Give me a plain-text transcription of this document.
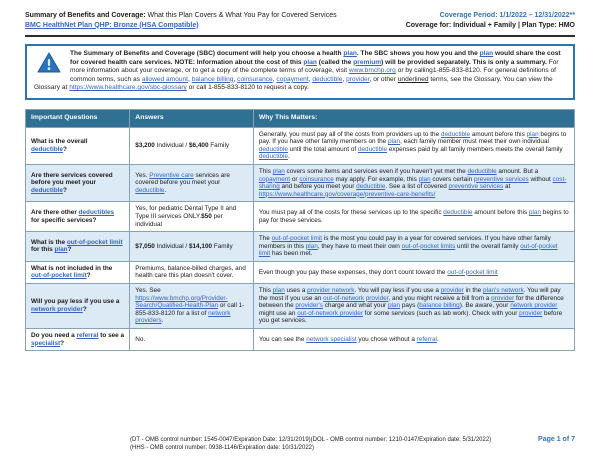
Summary of Benefits and Coverage: What this Plan Covers & What You Pay for Covered Services
BMC HealthNet Plan QHP: Bronze (HSA Compatible)
Coverage Period: 1/1/2022 – 12/31/2022**
Coverage for: Individual + Family | Plan Type: HMO
The Summary of Benefits and Coverage (SBC) document will help you choose a health plan. The SBC shows you how you and the plan would share the cost for covered health care services. NOTE: Information about the cost of this plan (called the premium) will be provided separately. This is only a summary. For more information about your coverage, or to get a copy of the complete terms of coverage, visit www.bmchp.org or by calling1-855-833-8120. For general definitions of common terms, such as allowed amount, balance billing, coinsurance, copayment, deductible, provider, or other underlined terms, see the Glossary. You can view the Glossary at https://www.healthcare.gov/sbc-glossary or call 1-855-833-8120 to request a copy.
Important Questions	Answers	Why This Matters:
What is the overall deductible?	$3,200 Individual / $6,400 Family	Generally, you must pay all of the costs from providers up to the deductible amount before this plan begins to pay. If you have other family members on the plan, each family member must meet their own individual deductible until the total amount of deductible expenses paid by all family members meets the overall family deductible.
Are there services covered before you meet your deductible?	Yes. Preventive care services are covered before you meet your deductible.	This plan covers some items and services even if you haven't yet met the deductible amount. But a copayment or coinsurance may apply. For example, this plan covers certain preventive services without cost-sharing and before you meet your deductible. See a list of covered preventive services at https://www.healthcare.gov/coverage/preventive-care-benefits/
Are there other deductibles for specific services?	Yes, for pediatric Dental Type II and Type III services ONLY.$50 per individual	You must pay all of the costs for these services up to the specific deductible amount before this plan begins to pay for these services.
What is the out-of-pocket limit for this plan?	$7,050 Individual / $14,100 Family	The out-of-pocket limit is the most you could pay in a year for covered services. If you have other family members in this plan, they have to meet their own out-of-pocket limits until the overall family out-of-pocket limit has been met.
What is not included in the out-of-pocket limit?	Premiums, balance-billed charges, and health care this plan doesn't cover.	Even though you pay these expenses, they don't count toward the out-of-pocket limit
Will you pay less if you use a network provider?	Yes. See https://www.bmchp.org/Provider-Search/Qualified-Health-Plan or call 1-855-833-8120 for a list of network providers.	This plan uses a provider network. You will pay less if you use a provider in the plan's network. You will pay the most if you use an out-of-network provider, and you might receive a bill from a provider for the difference between the provider's charge and what your plan pays (balance billing). Be aware, your network provider might use an out-of-network provider for some services (such as lab work). Check with your provider before you get services.
Do you need a referral to see a specialist?	No.	You can see the network specialist you chose without a referral.
(DT - OMB control number: 1545-0047/Expiration Date: 12/31/2019)(DOL - OMB control number: 1210-0147/Expiration date: 5/31/2022)
(HHS - OMB control number: 0938-1146/Expiration date: 10/31/2022)
Page 1 of 7
